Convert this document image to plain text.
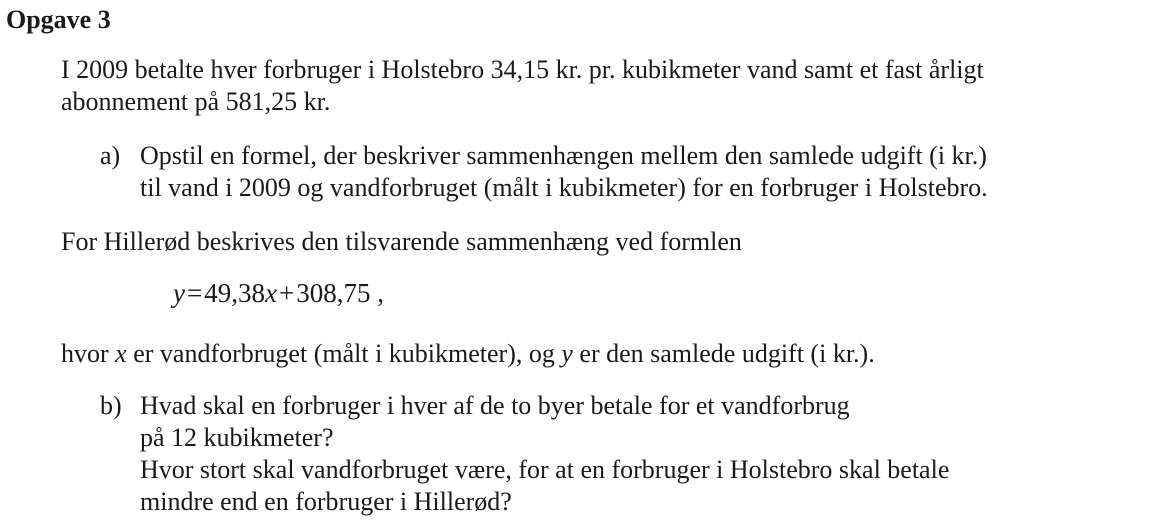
Opgave 3
I 2009 betalte hver forbruger i Holstebro 34,15 kr. pr. kubikmeter vand samt et fast årligt
abonnement på 581,25 kr.
a) Opstil en formel, der beskriver sammenhængen mellem den samlede udgift (i kr.)
til vand i 2009 og vandforbruget (målt i kubikmeter) for en forbruger i Holstebro.
For Hillerød beskrives den tilsvarende sammenhæng ved formlen
y=49,38x+308,75 ,
hvor x er vandforbruget (målt i kubikmeter), og y er den samlede udgift (i kr.).
b) Hvad skal en forbruger i hver af de to byer betale for et vandforbrug
på 12 kubikmeter?
Hvor stort skal vandforbruget være, for at en forbruger i Holstebro skal betale
mindre end en forbruger i Hillerød?
